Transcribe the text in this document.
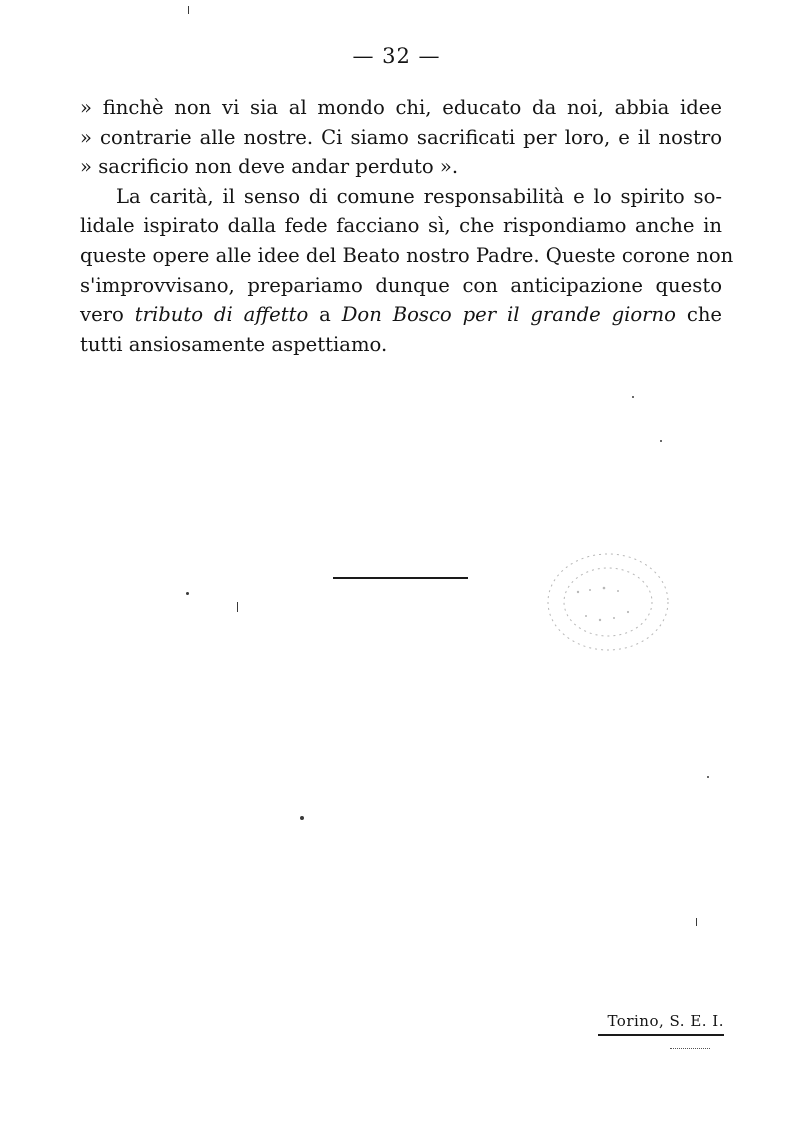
— 32 —
» finchè non vi sia al mondo chi, educato da noi, abbia idee
» contrarie alle nostre. Ci siamo sacrificati per loro, e il nostro
» sacrificio non deve andar perduto ».
La carità, il senso di comune responsabilità e lo spirito so-
lidale ispirato dalla fede facciano sì, che rispondiamo anche in
queste opere alle idee del Beato nostro Padre. Queste corone non
s'improvvisano, prepariamo dunque con anticipazione questo
vero tributo di affetto a Don Bosco per il grande giorno che
tutti ansiosamente aspettiamo.
Torino, S. E. I.
